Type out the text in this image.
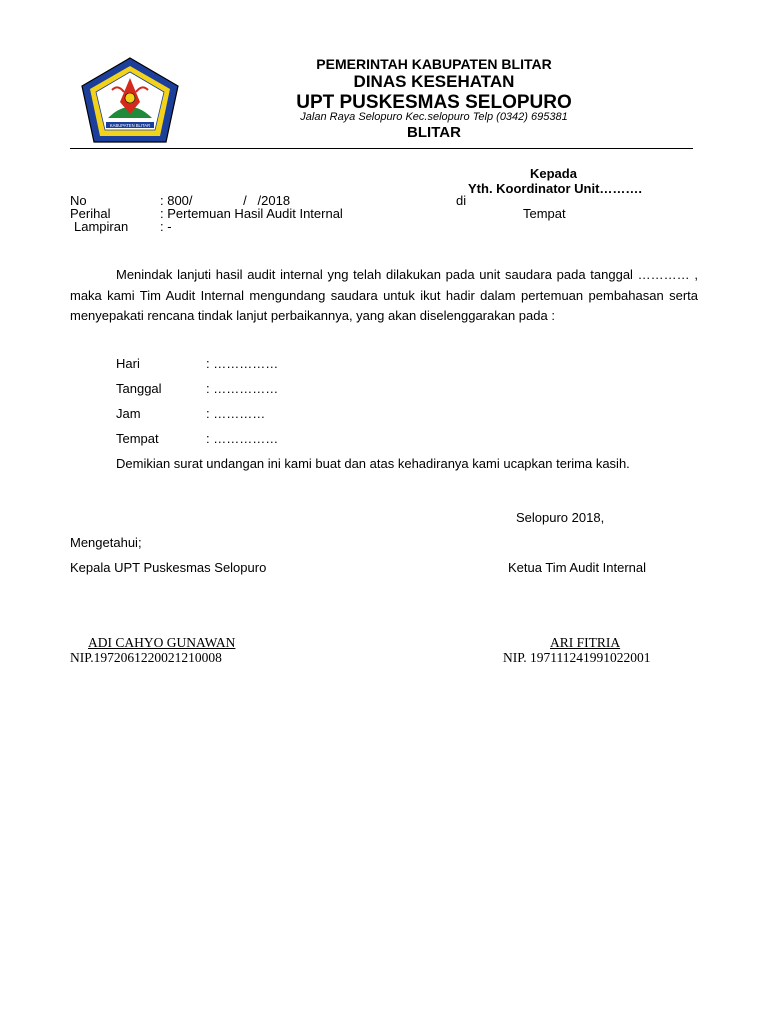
KABUPATEN BLITAR
PEMERINTAH KABUPATEN BLITAR
DINAS KESEHATAN
UPT PUSKESMAS SELOPURO
Jalan Raya Selopuro Kec.selopuro Telp (0342) 695381
BLITAR
Kepada
Yth. Koordinator Unit……….
No	: 800/              /   /2018	di
Perihal	: Pertemuan Hasil Audit Internal	Tempat
Lampiran : -
Menindak lanjuti hasil audit internal yng telah dilakukan pada unit saudara pada tanggal ………… , maka kami Tim Audit Internal mengundang saudara untuk ikut hadir dalam pertemuan pembahasan serta menyepakati rencana tindak lanjut perbaikannya, yang akan diselenggarakan pada :
Hari	: ……………
Tanggal	: ……………
Jam	: …………
Tempat	: ……………
Demikian surat undangan ini kami buat dan atas kehadiranya kami ucapkan terima kasih.
Selopuro 2018,
Mengetahui;
Kepala UPT Puskesmas Selopuro	Ketua Tim Audit Internal
ADI CAHYO GUNAWAN
NIP.1972061220021210008
ARI FITRIA
NIP. 197111241991022001
